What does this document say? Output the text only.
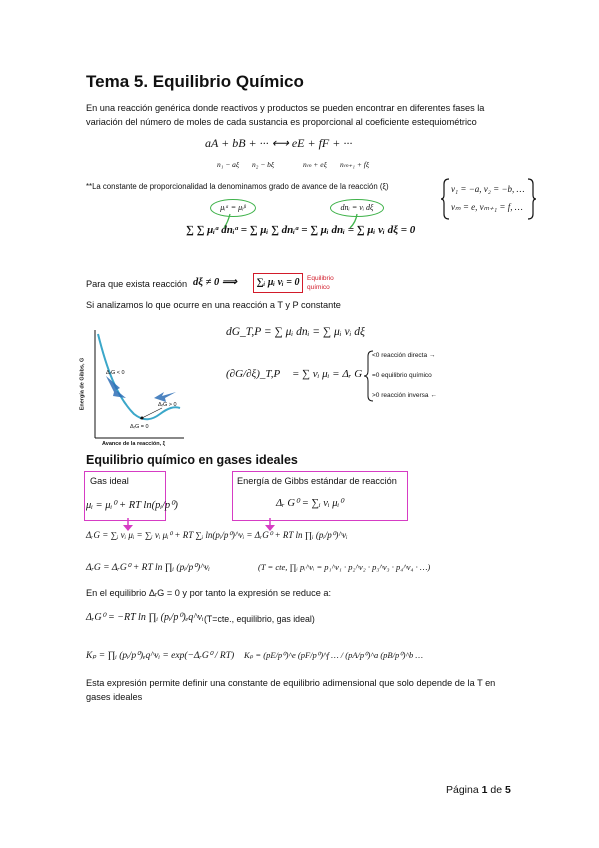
Tema 5. Equilibrio Químico
En una reacción genérica donde reactivos y productos se pueden encontrar en diferentes fases la variación del número de moles de cada sustancia es proporcional al coeficiente estequiométrico
aA + bB + ··· ⟷ eE + fF + ···
n₁ − aξ n₂ − bξ	nₘ + eξ nₘ₊₁ + fξ
**La constante de proporcionalidad la denominamos grado de avance de la reacción (ξ)	ν₁ = −a, ν₂ = −b, …
νₘ = e, νₘ₊₁ = f, …
μᵢᵅ = μᵢᵝ	dnᵢ = νᵢ dξ
∑ ∑ μᵢᵅ dnᵢᵅ = ∑ μᵢ ∑ dnᵢᵅ = ∑ μᵢ dnᵢ = ∑ μᵢ νᵢ dξ = 0
Para que exista reacción dξ ≠ 0 ⟹ ∑ᵢ μᵢ νᵢ = 0	Equilibrio químico
Si analizamos lo que ocurre en una reacción a T y P constante
Energía de Gibbs, G
Avance de la reacción, ξ
ΔᵣG < 0
ΔᵣG > 0
ΔᵣG = 0
dG_T,P = ∑ μᵢ dnᵢ = ∑ μᵢ νᵢ dξ
(∂G/∂ξ)_T,P = ∑ νᵢ μᵢ = Δᵣ G
<0 reacción directa →
=0 equilibrio químico
>0 reacción inversa ←
Equilibrio químico en gases ideales
Gas ideal
μᵢ = μᵢ⁰ + RT ln(pᵢ/p⁰)
Energía de Gibbs estándar de reacción
Δᵣ G⁰ = ∑ᵢ νᵢ μᵢ⁰
ΔᵣG = ∑ᵢ νᵢ μᵢ = ∑ᵢ νᵢ μᵢ⁰ + RT ∑ᵢ ln(pᵢ/p⁰)^νᵢ = ΔᵣG⁰ + RT ln ∏ᵢ (pᵢ/p⁰)^νᵢ
ΔᵣG = ΔᵣG⁰ + RT ln ∏ᵢ (pᵢ/p⁰)^νᵢ	(T = cte, ∏ᵢ pᵢ^νᵢ = p₁^ν₁ · p₂^ν₂ · p₃^ν₃ · p₄^ν₄ · …)
En el equilibrio ΔᵣG = 0 y por tanto la expresión se reduce a:
ΔᵣG⁰ = −RT ln ∏ᵢ (pᵢ/p⁰)ₑq^νᵢ (T=cte., equilibrio, gas ideal)
Kₚ = ∏ᵢ (pᵢ/p⁰)ₑq^νᵢ = exp(−ΔᵣG⁰ / RT) Kₚ = (pE/p⁰)^e (pF/p⁰)^f … / (pA/p⁰)^a (pB/p⁰)^b …
Esta expresión permite definir una constante de equilibrio adimensional que solo depende de la T en gases ideales
Página 1 de 5
